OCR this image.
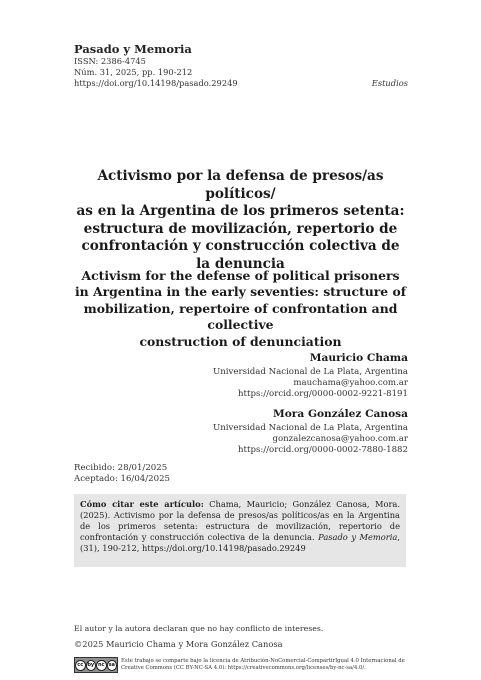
Pasado y Memoria
ISSN: 2386-4745
Núm. 31, 2025, pp. 190-212
https://doi.org/10.14198/pasado.29249	Estudios
Activismo por la defensa de presos/as políticos/
as en la Argentina de los primeros setenta:
estructura de movilización, repertorio de
confrontación y construcción colectiva de
la denuncia
Activism for the defense of political prisoners
in Argentina in the early seventies: structure of
mobilization, repertoire of confrontation and collective
construction of denunciation
Mauricio Chama
Universidad Nacional de La Plata, Argentina
mauchama@yahoo.com.ar
https://orcid.org/0000-0002-9221-8191
Mora González Canosa
Universidad Nacional de La Plata, Argentina
gonzalezcanosa@yahoo.com.ar
https://orcid.org/0000-0002-7880-1882
Recibido: 28/01/2025
Aceptado: 16/04/2025
Cómo citar este artículo: Chama, Mauricio; González Canosa, Mora. (2025). Activismo por la defensa de presos/as políticos/as en la Argentina de los primeros setenta: estructura de movilización, repertorio de confrontación y construcción colectiva de la denuncia. Pasado y Memoria, (31), 190-212, https://doi.org/10.14198/pasado.29249
El autor y la autora declaran que no hay conflicto de intereses.
©2025 Mauricio Chama y Mora González Canosa
cc by nc sa
Este trabajo se comparte bajo la licencia de Atribución-NoComercial-CompartirIgual 4.0 Internacional de Creative Commons (CC BY-NC-SA 4.0): https://creativecommons.org/licenses/by-nc-sa/4.0/.
